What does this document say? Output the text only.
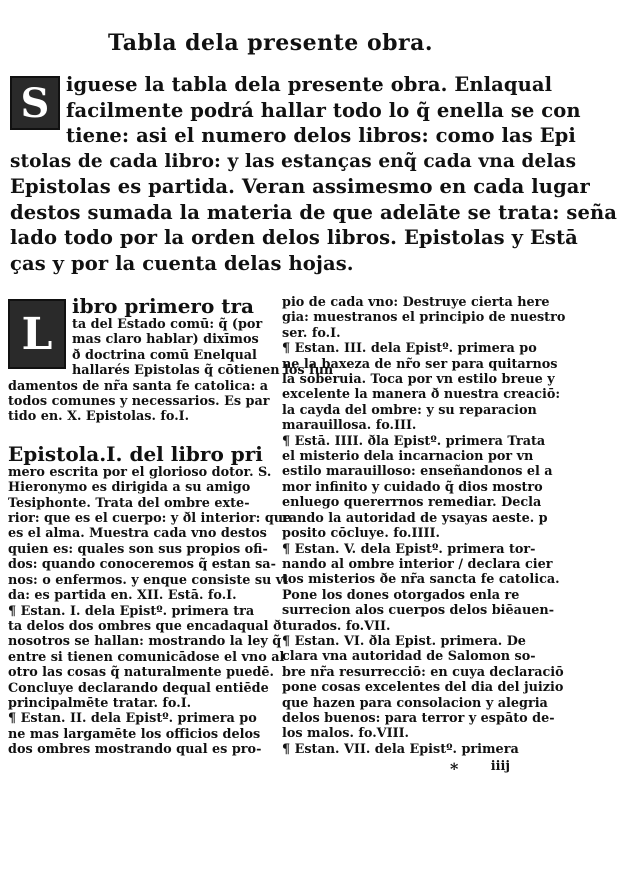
Tabla dela presente obra.
S iguese la tabla dela presente obra. Enlaqual
facilmente podrá hallar todo lo q̃ enella se con
tiene: asi el numero delos libros: como las Epi
stolas de cada libro: y las estanças enq̃ cada vna delas
Epistolas es partida. Veran assimesmo en cada lugar
destos sumada la materia de que adelāte se trata: seña
lado todo por la orden delos libros. Epistolas y Estā
ças y por la cuenta delas hojas.
L
ibro primero tra
ta del Estado comū: q̃ (por
mas claro hablar) dixīmos
ð doctrina comū Enelqual
hallarés Epistolas q̃ cōtienen los fun
damentos de nr̃a santa fe catolica: a
todos comunes y necessarios. Es par
tido en. X. Epistolas. fo.I.
Epistola.I. del libro pri
mero escrita por el glorioso dotor. S.
Hieronymo es dirigida a su amigo
Tesiphonte. Trata del ombre exte-
rior: que es el cuerpo: y ðl interior: que
es el alma. Muestra cada vno destos
quien es: quales son sus propios ofi-
dos: quando conoceremos q̃ estan sa-
nos: o enfermos. y enque consiste su vi
da: es partida en. XII. Estā. fo.I.
¶ Estan. I. dela Epistº. primera tra
ta delos dos ombres que encadaqual ð
nosotros se hallan: mostrando la ley q̃
entre si tienen comunicādose el vno al
otro las cosas q̃ naturalmente puedē.
Concluye declarando dequal entiēde
principalmēte tratar. fo.I.
¶ Estan. II. dela Epistº. primera po
ne mas largamēte los officios delos
dos ombres mostrando qual es pro-
pio de cada vno: Destruye cierta here
gia: muestranos el principio de nuestro
ser. fo.I.
¶ Estan. III. dela Epistº. primera po
ne la baxeza de nr̃o ser para quitarnos
la soberuia. Toca por vn estilo breue y
excelente la manera ð nuestra creaciō:
la cayda del ombre: y su reparacion
marauillosa. fo.III.
¶ Estā. IIII. ðla Epistº. primera Trata
el misterio dela incarnacion por vn
estilo marauilloso: enseñandonos el a
mor infinito y cuidado q̃ dios mostro
enluego quererrnos remediar. Decla
rando la autoridad de ysayas aeste. p
posito cōcluye. fo.IIII.
¶ Estan. V. dela Epistº. primera tor-
nando al ombre interior / declara cier
tos misterios ðe nr̃a sancta fe catolica.
Pone los dones otorgados enla re
surrecion alos cuerpos delos biēauen-
turados. fo.VII.
¶ Estan. VI. ðla Epist. primera. De
clara vna autoridad de Salomon so-
bre nr̃a resurrecciō: en cuya declaraciō
pone cosas excelentes del dia del juizio
que hazen para consolacion y alegria
delos buenos: para terror y espāto de-
los malos. fo.VIII.
¶ Estan. VII. dela Epistº. primera
⁎	iiij
